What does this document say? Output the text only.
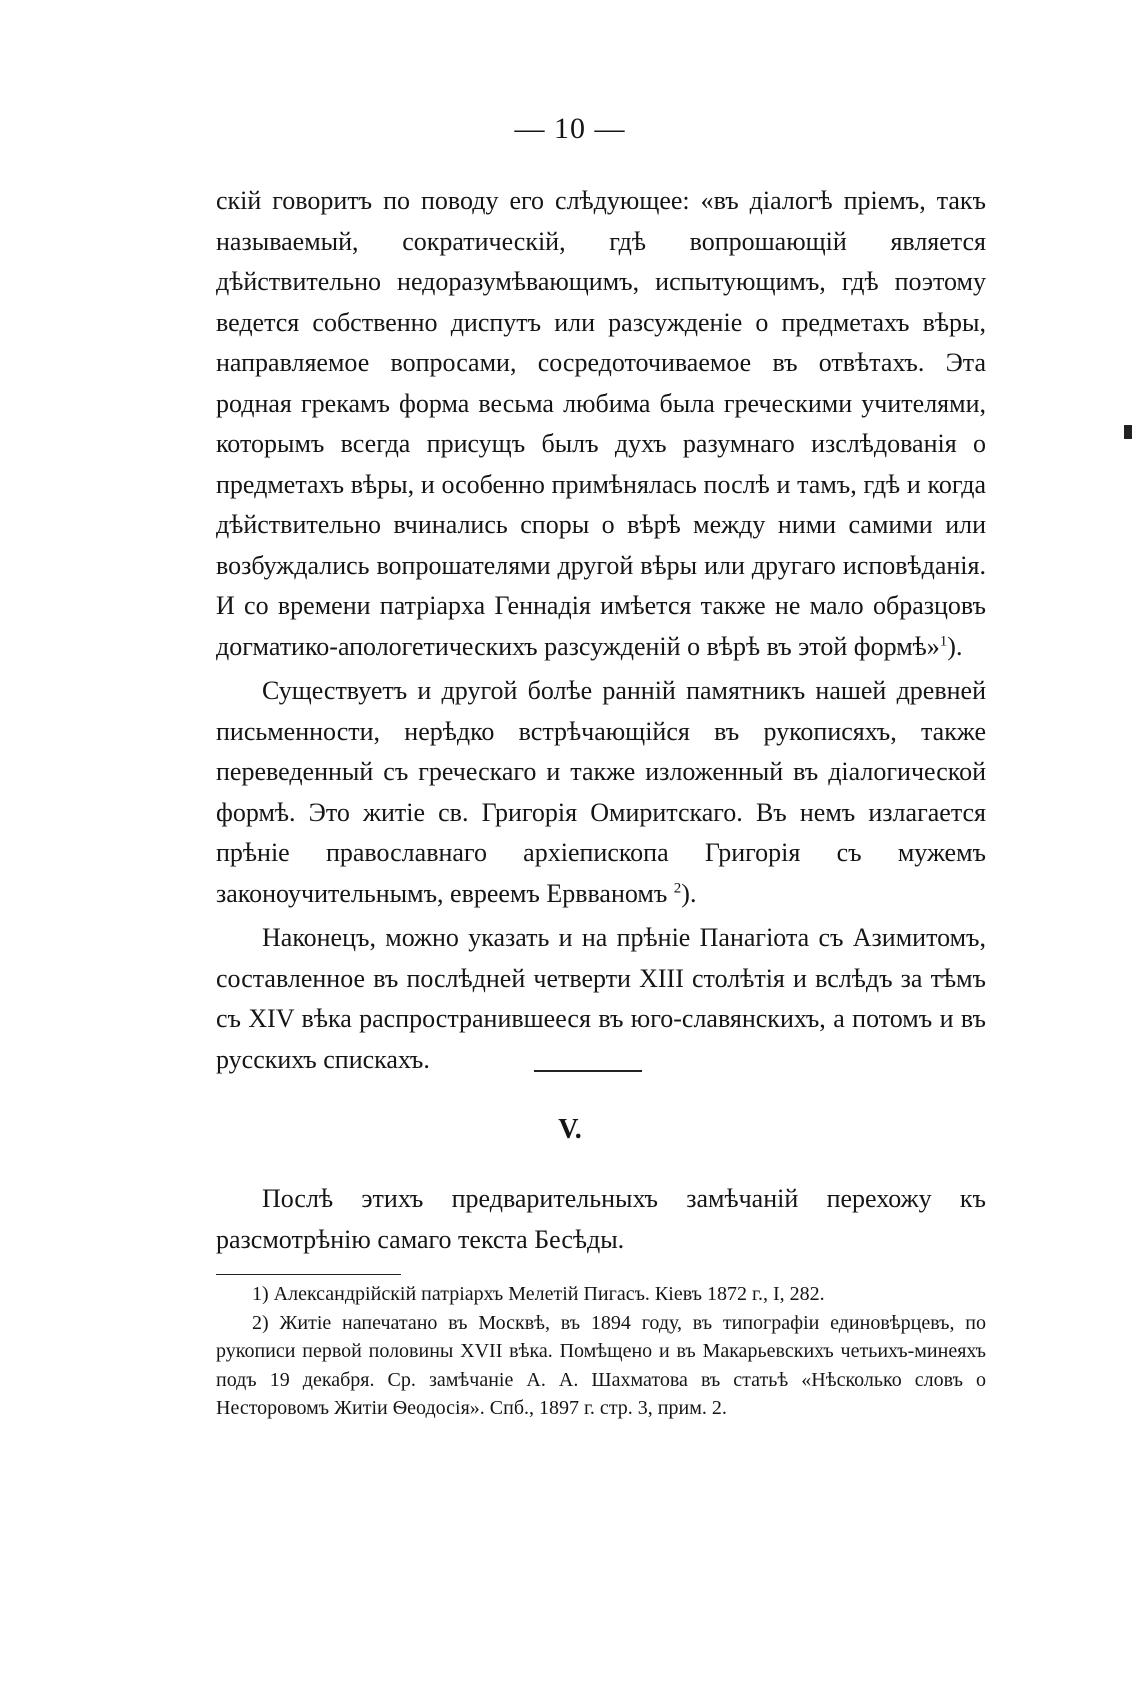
— 10 —

скій говоритъ по поводу его слѣдующее: «въ діалогѣ пріемъ, такъ называемый, сократическій, гдѣ вопрошающій является дѣйствительно недоразумѣвающимъ, испытующимъ, гдѣ поэтому ведется собственно диспутъ или разсужденіе о предметахъ вѣры, направляемое вопросами, сосредоточиваемое въ отвѣтахъ. Эта родная грекамъ форма весьма любима была греческими учителями, которымъ всегда присущъ былъ духъ разумнаго изслѣдованія о предметахъ вѣры, и особенно примѣнялась послѣ и тамъ, гдѣ и когда дѣйствительно вчинались споры о вѣрѣ между ними самими или возбуждались вопрошателями другой вѣры или другаго исповѣданія. И со времени патріарха Геннадія имѣется также не мало образцовъ догматико-апологетическихъ разсужденій о вѣрѣ въ этой формѣ»$^1$).

Существуетъ и другой болѣе ранній памятникъ нашей древней письменности, нерѣдко встрѣчающійся въ рукописяхъ, также переведенный съ греческаго и также изложенный въ діалогической формѣ. Это житіе св. Григорія Омиритскаго. Въ немъ излагается прѣніе православнаго архіепископа Григорія съ мужемъ законоучительнымъ, евреемъ Ервваномъ $^2$).

Наконецъ, можно указать и на прѣніе Панагіота съ Азимитомъ, составленное въ послѣдней четверти XIII столѣтія и вслѣдъ за тѣмъ съ XIV вѣка распространившееся въ юго-славянскихъ, а потомъ и въ русскихъ спискахъ.

V.

Послѣ этихъ предварительныхъ замѣчаній перехожу къ разсмотрѣнію самаго текста Бесѣды.

1) Александрійскій патріархъ Мелетій Пигасъ. Кіевъ 1872 г., I, 282.

2) Житіе напечатано въ Москвѣ, въ 1894 году, въ типографіи единовѣрцевъ, по рукописи первой половины XVII вѣка. Помѣщено и въ Макарьевскихъ четьихъ-минеяхъ подъ 19 декабря. Ср. замѣчаніе А. А. Шахматова въ статьѣ «Нѣсколько словъ о Несторовомъ Житіи Ѳеодосія». Спб., 1897 г. стр. 3, прим. 2.
